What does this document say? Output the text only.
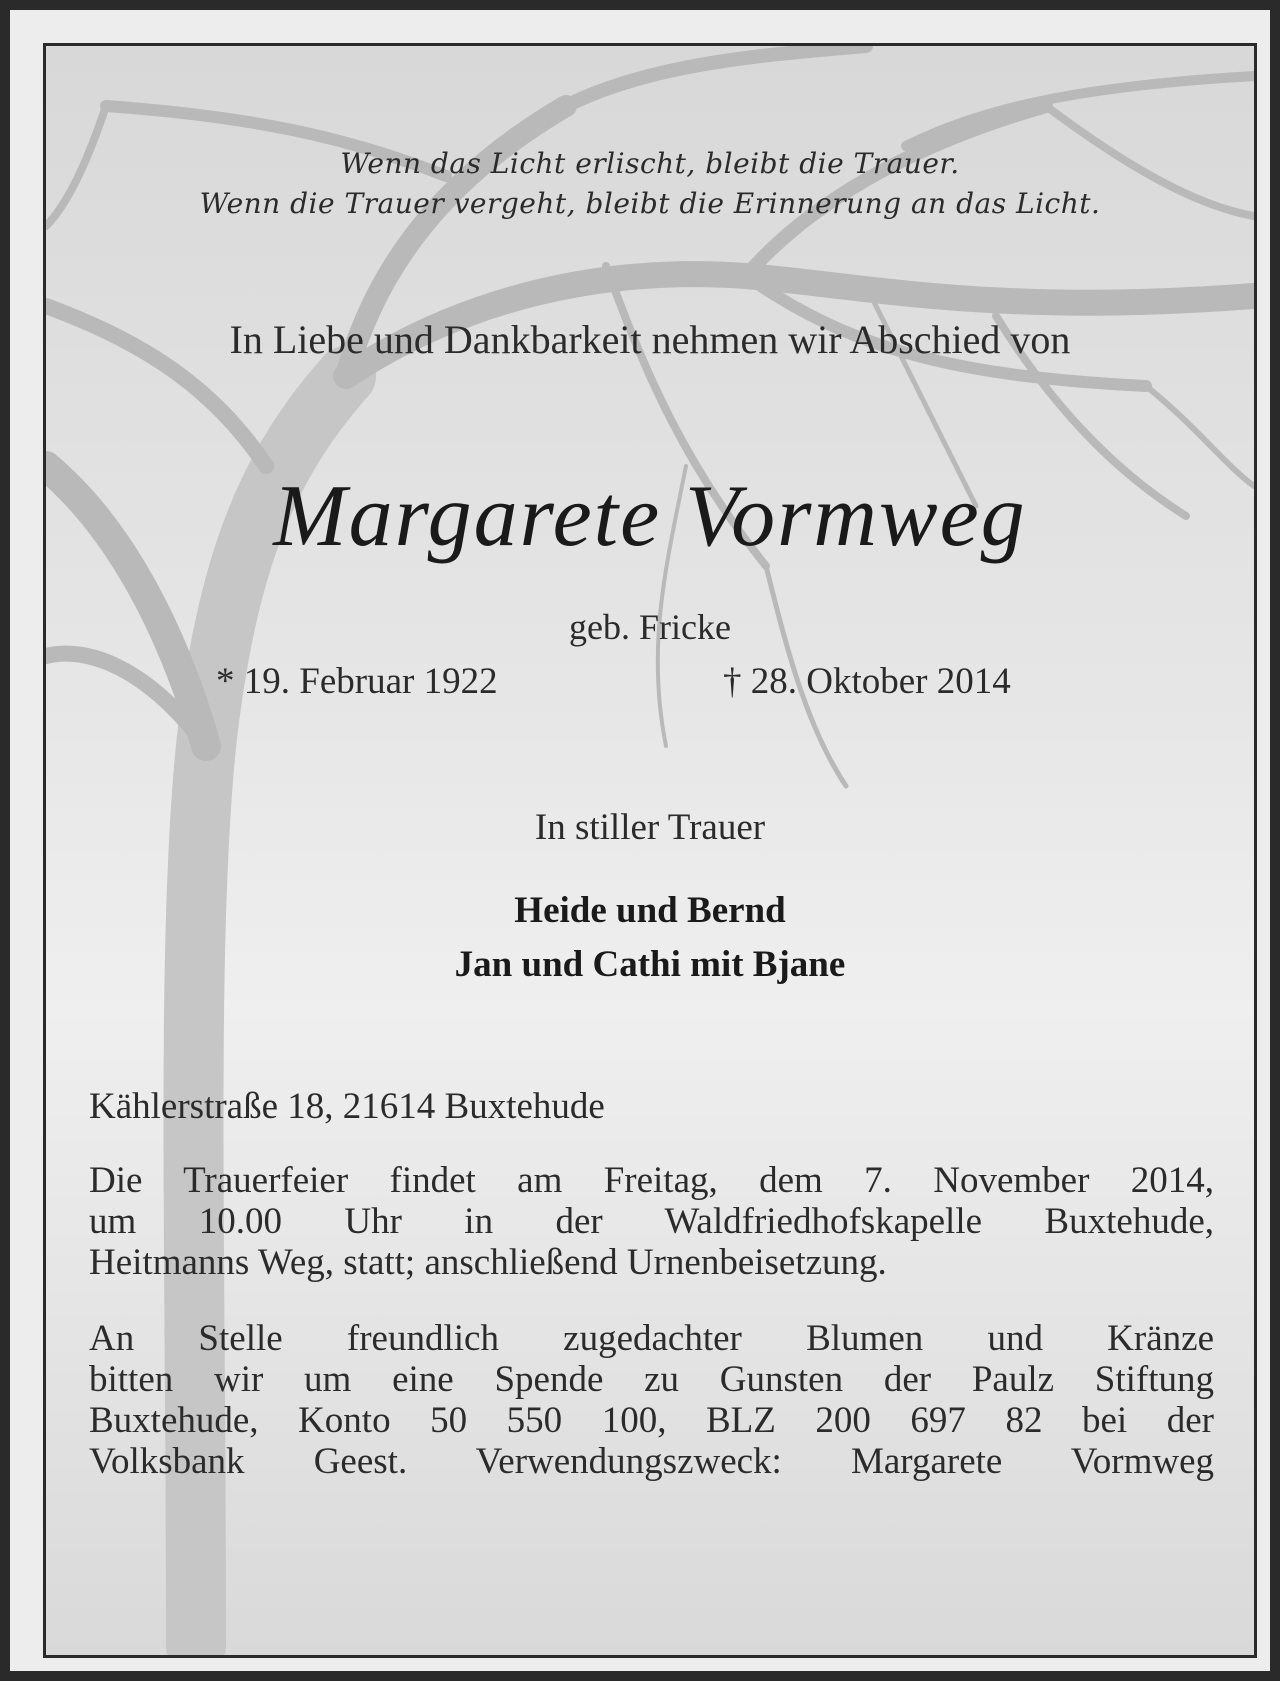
Wenn das Licht erlischt, bleibt die Trauer.
Wenn die Trauer vergeht, bleibt die Erinnerung an das Licht.
In Liebe und Dankbarkeit nehmen wir Abschied von
Margarete Vormweg
geb. Fricke
* 19. Februar 1922	† 28. Oktober 2014
In stiller Trauer
Heide und Bernd
Jan und Cathi mit Bjane
Kählerstraße 18, 21614 Buxtehude
Die Trauerfeier findet am Freitag, dem 7. November 2014,
um 10.00 Uhr in der Waldfriedhofskapelle Buxtehude,
Heitmanns Weg, statt; anschließend Urnenbeisetzung.
An Stelle freundlich zugedachter Blumen und Kränze
bitten wir um eine Spende zu Gunsten der Paulz Stiftung
Buxtehude, Konto 50 550 100, BLZ 200 697 82 bei der
Volksbank Geest. Verwendungszweck: Margarete Vormweg
